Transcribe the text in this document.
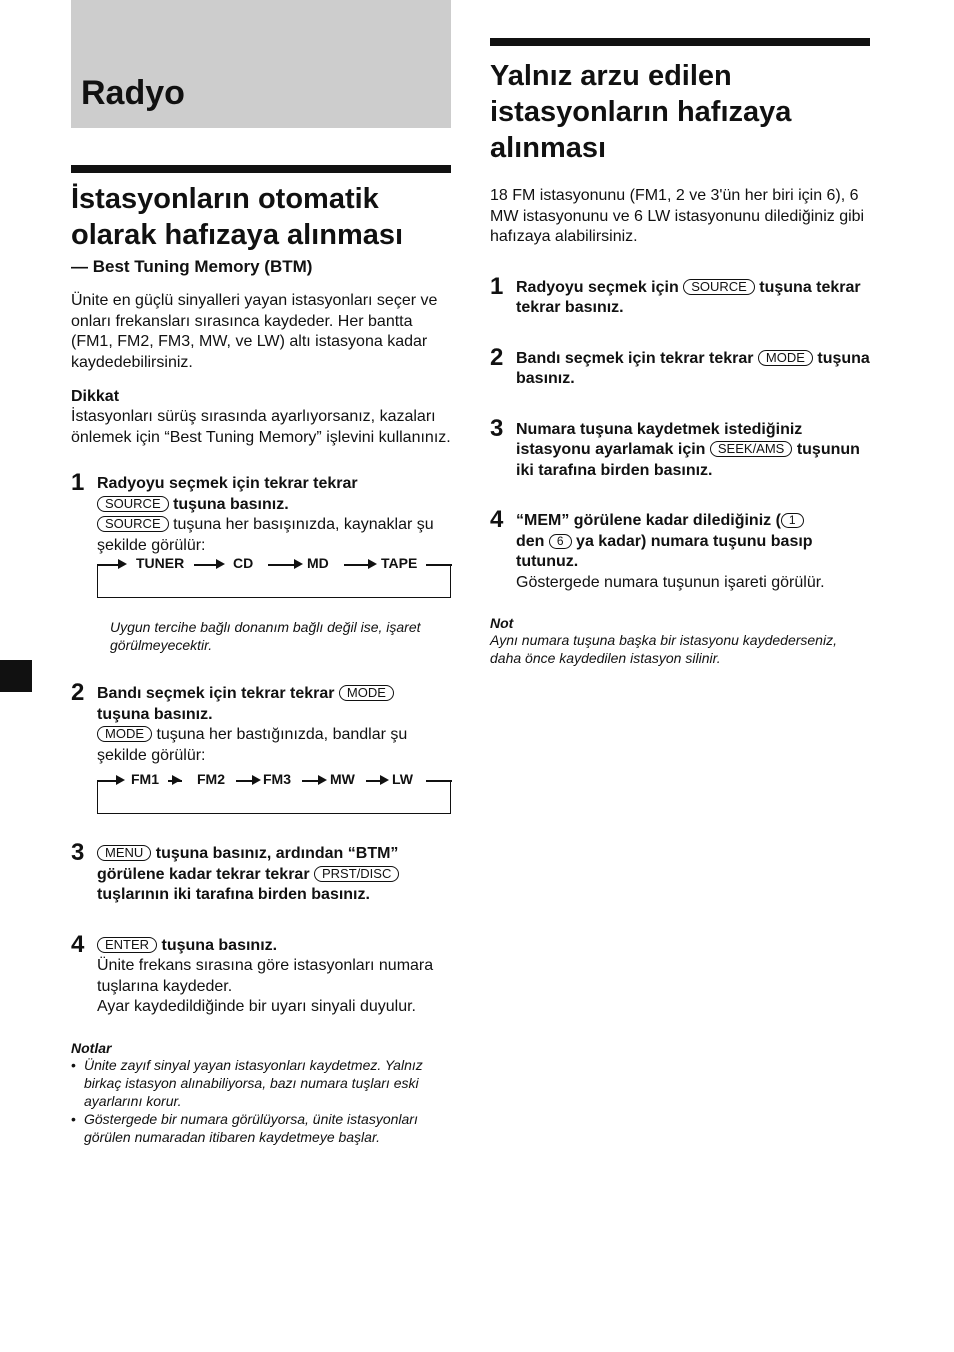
Radyo
İstasyonların otomatik olarak hafızaya alınması
— Best Tuning Memory (BTM)

Ünite en güçlü sinyalleri yayan istasyonları seçer ve onları frekansları sırasınca kaydeder. Her bantta (FM1, FM2, FM3, MW, ve LW) altı istasyona kadar kaydedebilirsiniz.

Dikkat

İstasyonları sürüş sırasında ayarlıyorsanız, kazaları önlemek için “Best Tuning Memory” işlevini kullanınız.

1 Radyoyu seçmek için tekrar tekrar
SOURCE tuşuna basınız.
SOURCE tuşuna her basışınızda, kaynaklar şu şekilde görülür:
TUNER	CD	MD	TAPE

Uygun tercihe bağlı donanım bağlı değil ise, işaret görülmeyecektir.

2 Bandı seçmek için tekrar tekrar MODE
tuşuna basınız.
MODE tuşuna her bastığınızda, bandlar şu şekilde görülür:
FM1	FM2	FM3	MW	LW
3	MENU tuşuna basınız, ardından “BTM” görülene kadar tekrar tekrar PRST/DISC tuşlarının iki tarafına birden basınız.
4	ENTER tuşuna basınız.
Ünite frekans sırasına göre istasyonları numara tuşlarına kaydeder.
Ayar kaydedildiğinde bir uyarı sinyali duyulur.
Notlar
• Ünite zayıf sinyal yayan istasyonları kaydetmez. Yalnız birkaç istasyon alınabiliyorsa, bazı numara tuşları eski ayarlarını korur.
• Göstergede bir numara görülüyorsa, ünite istasyonları görülen numaradan itibaren kaydetmeye başlar.
Yalnız arzu edilen istasyonların hafızaya alınması

18 FM istasyonunu (FM1, 2 ve 3'ün her biri için 6), 6 MW istasyonunu ve 6 LW istasyonunu dilediğiniz gibi hafızaya alabilirsiniz.

1 Radyoyu seçmek için SOURCE tuşuna tekrar tekrar basınız.
2 Bandı seçmek için tekrar tekrar MODE tuşuna basınız.
3 Numara tuşuna kaydetmek istediğiniz istasyonu ayarlamak için SEEK/AMS tuşunun iki tarafına birden basınız.
4 “MEM” görülene kadar dilediğiniz ( 1
den 6 ya kadar) numara tuşunu basıp tutunuz.
Göstergede numara tuşunun işareti görülür.
Not

Aynı numara tuşuna başka bir istasyonu kaydederseniz, daha önce kaydedilen istasyon silinir.
